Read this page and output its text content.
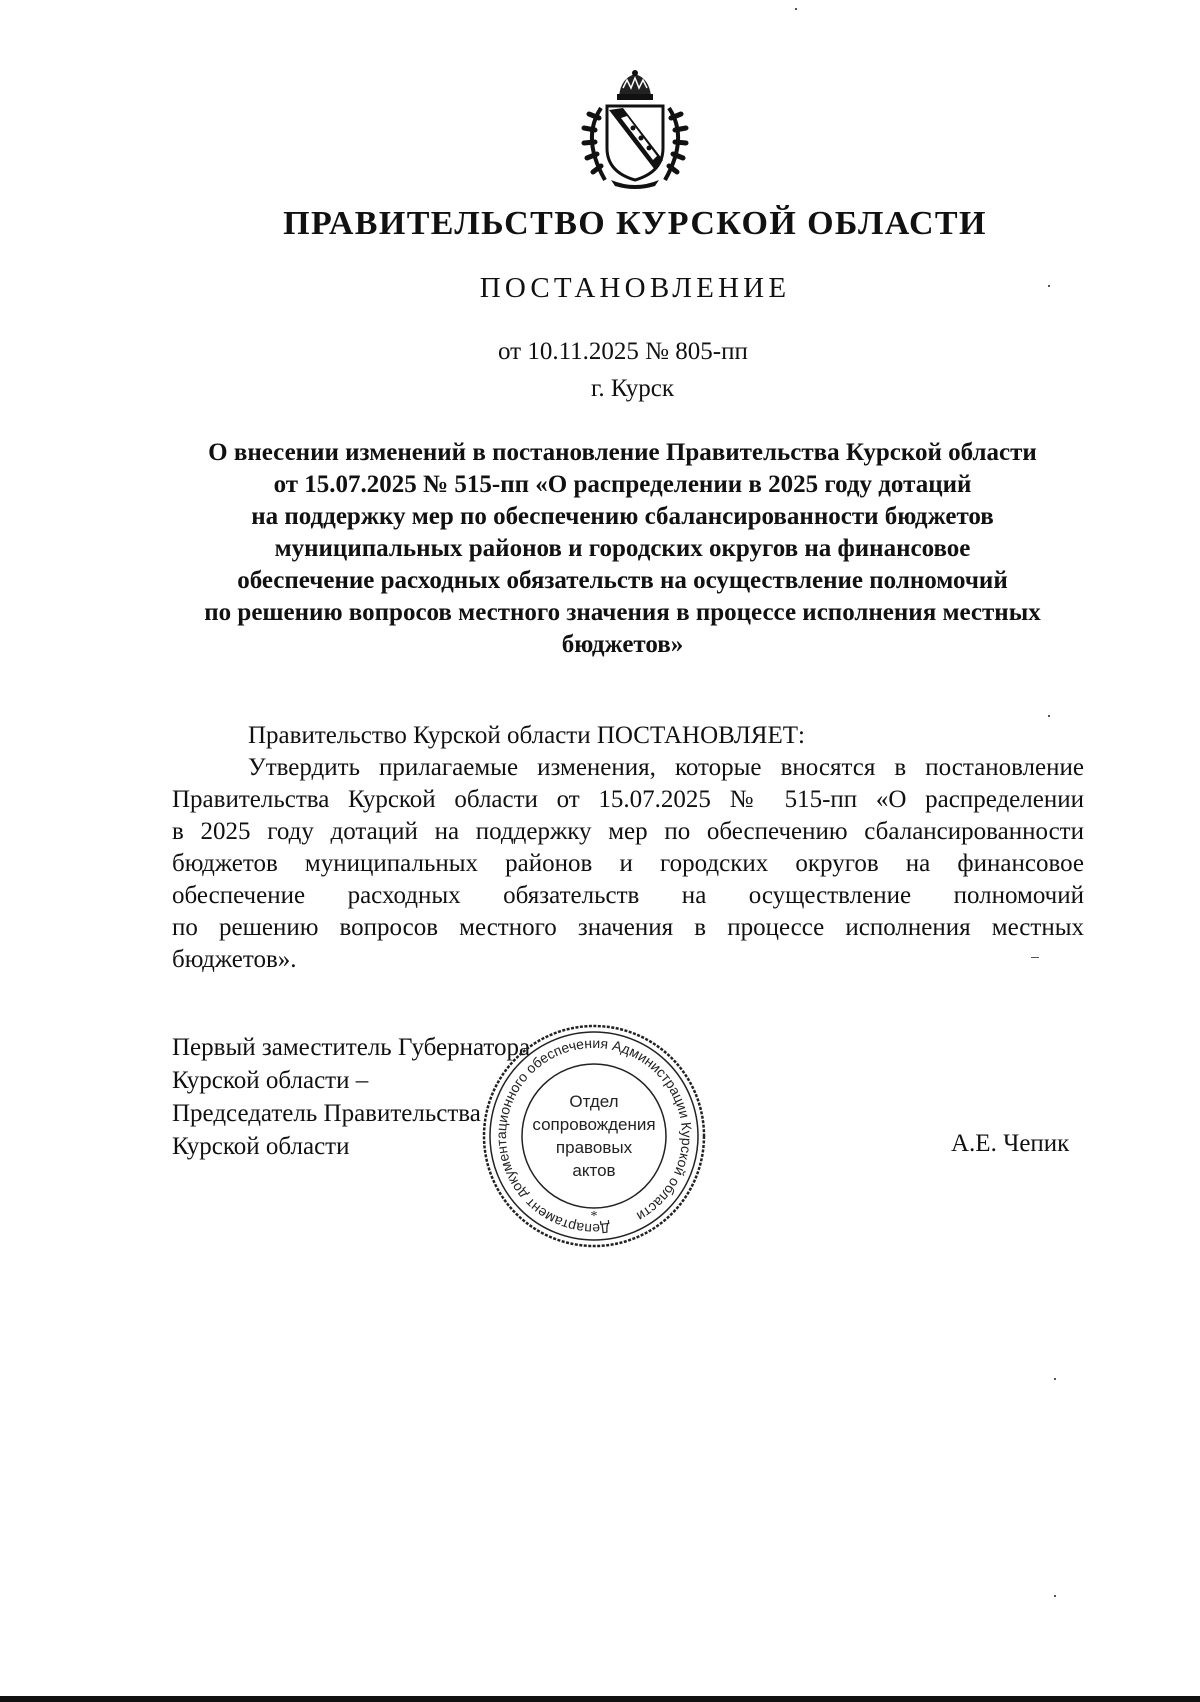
ПРАВИТЕЛЬСТВО КУРСКОЙ ОБЛАСТИ
ПОСТАНОВЛЕНИЕ
от 10.11.2025 № 805-пп
г. Курск
О внесении изменений в постановление Правительства Курской области
от 15.07.2025 № 515-пп «О распределении в 2025 году дотаций
на поддержку мер по обеспечению сбалансированности бюджетов
муниципальных районов и городских округов на финансовое
обеспечение расходных обязательств на осуществление полномочий
по решению вопросов местного значения в процессе исполнения местных
бюджетов»
Правительство Курской области ПОСТАНОВЛЯЕТ:
Утвердить прилагаемые изменения, которые вносятся в постановление
Правительства Курской области от 15.07.2025 № 515-пп «О распределении
в 2025 году дотаций на поддержку мер по обеспечению сбалансированности
бюджетов муниципальных районов и городских округов на финансовое
обеспечение расходных обязательств на осуществление полномочий
по решению вопросов местного значения в процессе исполнения местных
бюджетов».
Первый заместитель Губернатора
Курской области –
Председатель Правительства
Курской области	А.Е. Чепик
Департамент документационного обеспечения Администрации Курской области
*
Отдел
сопровождения
правовых
актов
